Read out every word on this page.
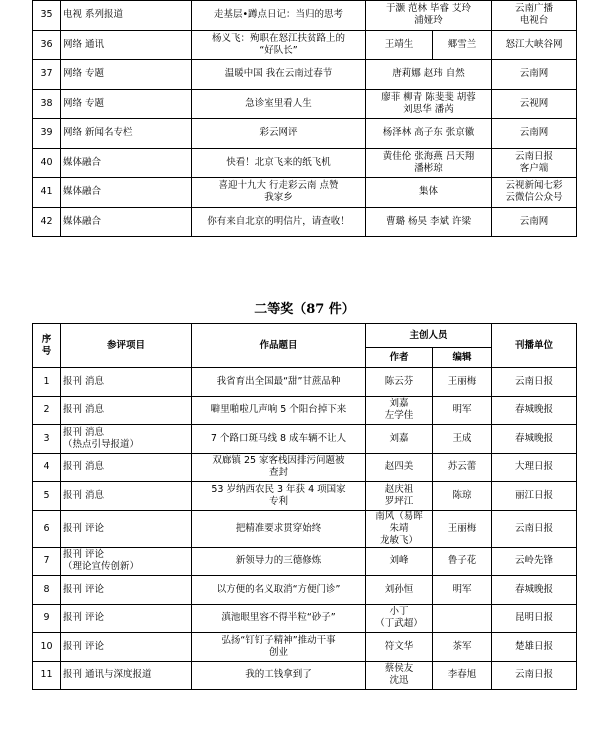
35	电视 系列报道	走基层•蹲点日记：当归的思考	于灏 范林 毕睿 艾玲
浦娅玲		云南广播
电视台
36	网络 通讯	杨义飞：殉职在怒江扶贫路上的
“好队长”	王靖生	郷雪兰	怒江大峡谷网
37	网络 专题	温暖中国 我在云南过春节	唐莉娜 赵玮 自然		云南网
38	网络 专题	急诊室里看人生	廖菲 柳青 陈斐斐 胡蓉
刘思华 潘芮		云视网
39	网络 新闻名专栏	彩云网评	杨泽林 高子东 张京徽		云南网
40	媒体融合	快看！北京飞来的纸飞机	黄佳伦 张海燕 吕天翔
潘彬琼		云南日报
客户端
41	媒体融合	喜迎十九大 行走彩云南 点赞
我家乡	集体		云视新闻七彩
云微信公众号
42	媒体融合	你有来自北京的明信片，请查收！	曹璐 杨昊 李斌 许梁		云南网
二等奖（87 件）
序
号	参评项目	作品题目	主创人员		刊播单位
			作者	编辑	
1	报刊 消息	我省育出全国最“甜”甘蔗品种	陈云芬	王丽梅	云南日报
2	报刊 消息	噼里啪啦几声响 5 个阳台掉下来	刘嘉
左学佳	明军	春城晚报
3	报刊 消息
（热点引导报道）	7 个路口斑马线 8 成车辆不让人	刘嘉	王成	春城晚报
4	报刊 消息	双廊镇 25 家客栈因排污问题被
查封	赵四美	苏云蕾	大理日报
5	报刊 消息	53 岁纳西农民 3 年获 4 项国家
专利	赵庆祖
罗坪江	陈琼	丽江日报
6	报刊 评论	把精准要求贯穿始终	南风（易晖
朱靖
龙敏飞）	王丽梅	云南日报
7	报刊 评论
（理论宣传创新）	新领导力的三德修炼	刘峰	鲁子花	云岭先锋
8	报刊 评论	以方便的名义取消“方便门诊”	刘孙恒	明军	春城晚报
9	报刊 评论	滇池眼里容不得半粒“砂子”	小丁
（丁武超）		昆明日报
10	报刊 评论	弘扬“钉钉子精神”推动干事
创业	符文华	茶军	楚雄日报
11	报刊 通讯与深度报道	我的工钱拿到了	蔡侯友
沈迅	李春旭	云南日报
